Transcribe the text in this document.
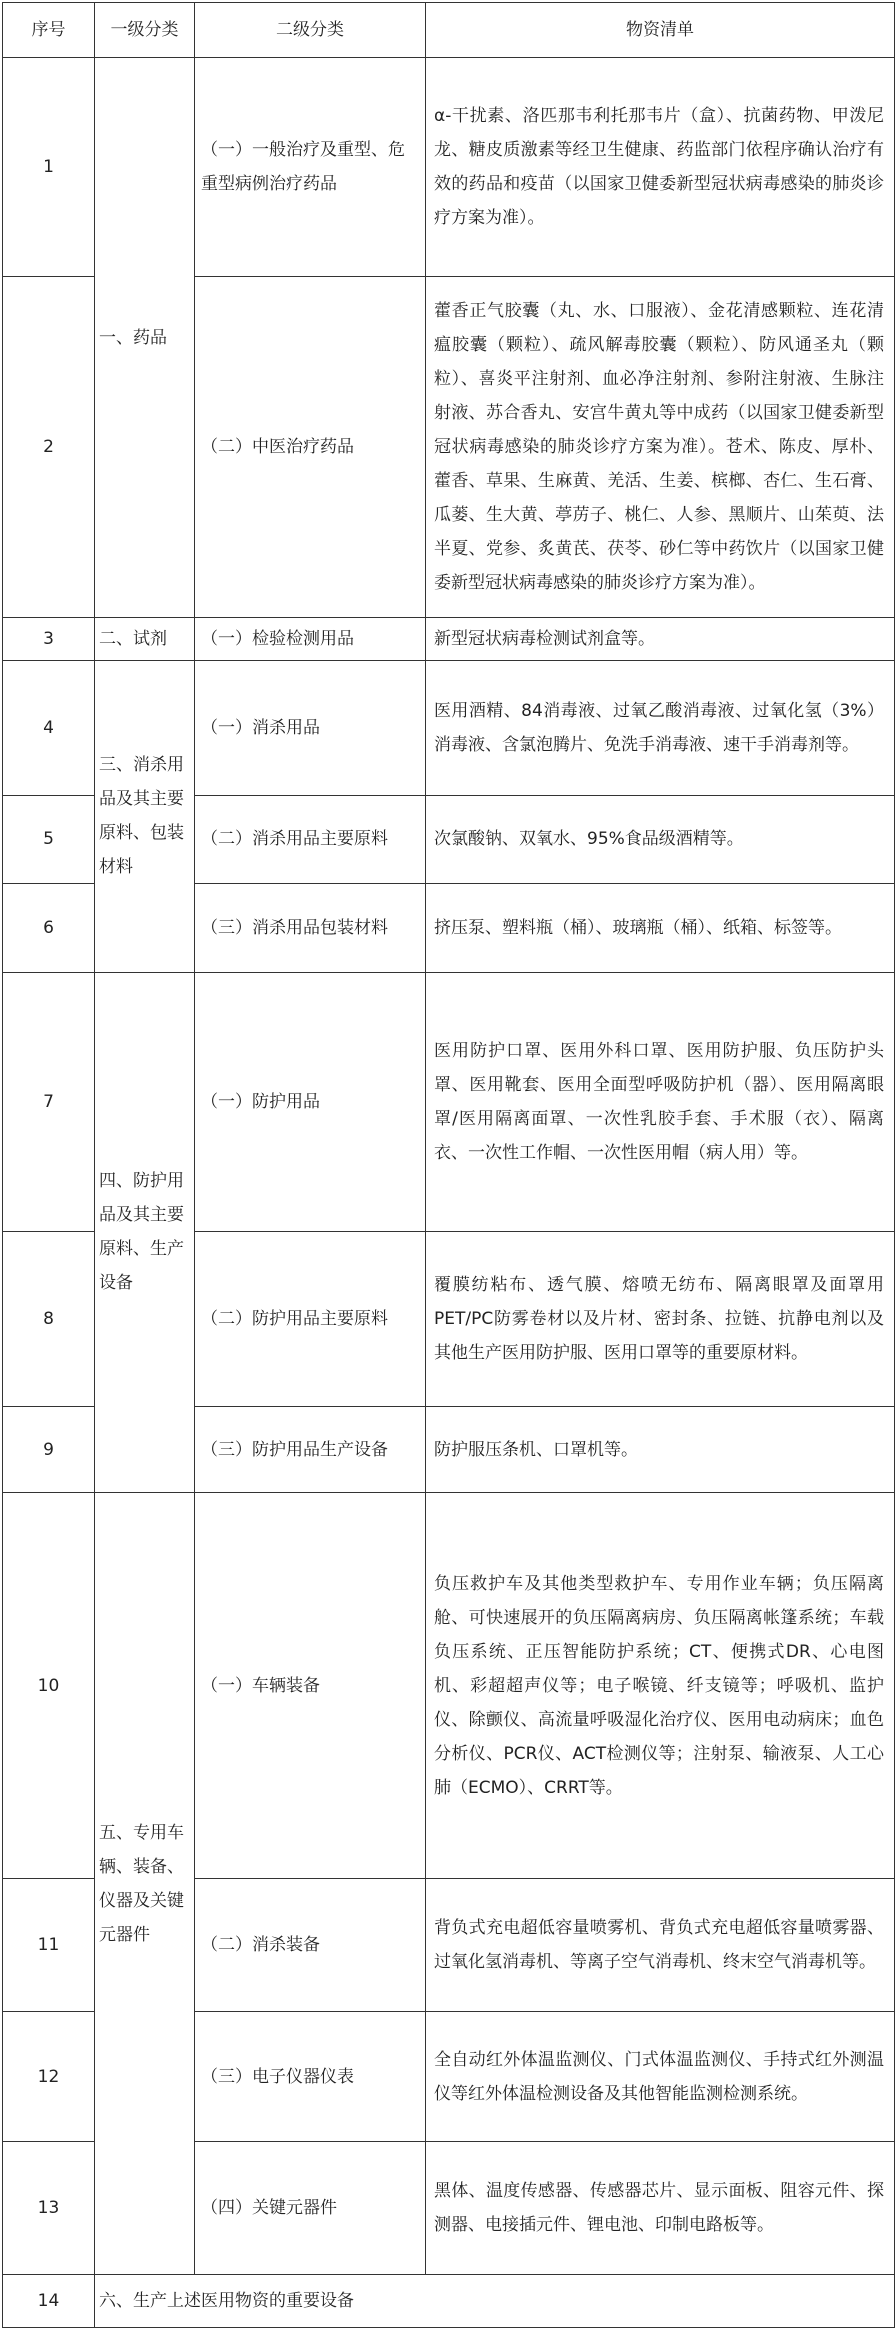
序号	一级分类	二级分类	物资清单
1	一、药品	（一）一般治疗及重型、危重型病例治疗药品	α-干扰素、洛匹那韦利托那韦片（盒）、抗菌药物、甲泼尼龙、糖皮质激素等经卫生健康、药监部门依程序确认治疗有效的药品和疫苗（以国家卫健委新型冠状病毒感染的肺炎诊疗方案为准）。
2		（二）中医治疗药品	藿香正气胶囊（丸、水、口服液）、金花清感颗粒、连花清瘟胶囊（颗粒）、疏风解毒胶囊（颗粒）、防风通圣丸（颗粒）、喜炎平注射剂、血必净注射剂、参附注射液、生脉注射液、苏合香丸、安宫牛黄丸等中成药（以国家卫健委新型冠状病毒感染的肺炎诊疗方案为准）。苍术、陈皮、厚朴、藿香、草果、生麻黄、羌活、生姜、槟榔、杏仁、生石膏、瓜蒌、生大黄、葶苈子、桃仁、人参、黑顺片、山茱萸、法半夏、党参、炙黄芪、茯苓、砂仁等中药饮片（以国家卫健委新型冠状病毒感染的肺炎诊疗方案为准）。
3	二、试剂	（一）检验检测用品	新型冠状病毒检测试剂盒等。
4	三、消杀用品及其主要原料、包装材料	（一）消杀用品	医用酒精、84消毒液、过氧乙酸消毒液、过氧化氢（3%）消毒液、含氯泡腾片、免洗手消毒液、速干手消毒剂等。
5		（二）消杀用品主要原料	次氯酸钠、双氧水、95%食品级酒精等。
6		（三）消杀用品包装材料	挤压泵、塑料瓶（桶）、玻璃瓶（桶）、纸箱、标签等。
7	四、防护用品及其主要原料、生产设备	（一）防护用品	医用防护口罩、医用外科口罩、医用防护服、负压防护头罩、医用靴套、医用全面型呼吸防护机（器）、医用隔离眼罩/医用隔离面罩、一次性乳胶手套、手术服（衣）、隔离衣、一次性工作帽、一次性医用帽（病人用）等。
8		（二）防护用品主要原料	覆膜纺粘布、透气膜、熔喷无纺布、隔离眼罩及面罩用PET/PC防雾卷材以及片材、密封条、拉链、抗静电剂以及其他生产医用防护服、医用口罩等的重要原材料。
9		（三）防护用品生产设备	防护服压条机、口罩机等。
10	五、专用车辆、装备、仪器及关键元器件	（一）车辆装备	负压救护车及其他类型救护车、专用作业车辆；负压隔离舱、可快速展开的负压隔离病房、负压隔离帐篷系统；车载负压系统、正压智能防护系统；CT、便携式DR、心电图机、彩超超声仪等；电子喉镜、纤支镜等；呼吸机、监护仪、除颤仪、高流量呼吸湿化治疗仪、医用电动病床；血色分析仪、PCR仪、ACT检测仪等；注射泵、输液泵、人工心肺（ECMO）、CRRT等。
11		（二）消杀装备	背负式充电超低容量喷雾机、背负式充电超低容量喷雾器、过氧化氢消毒机、等离子空气消毒机、终末空气消毒机等。
12		（三）电子仪器仪表	全自动红外体温监测仪、门式体温监测仪、手持式红外测温仪等红外体温检测设备及其他智能监测检测系统。
13		（四）关键元器件	黑体、温度传感器、传感器芯片、显示面板、阻容元件、探测器、电接插元件、锂电池、印制电路板等。
14	六、生产上述医用物资的重要设备		
